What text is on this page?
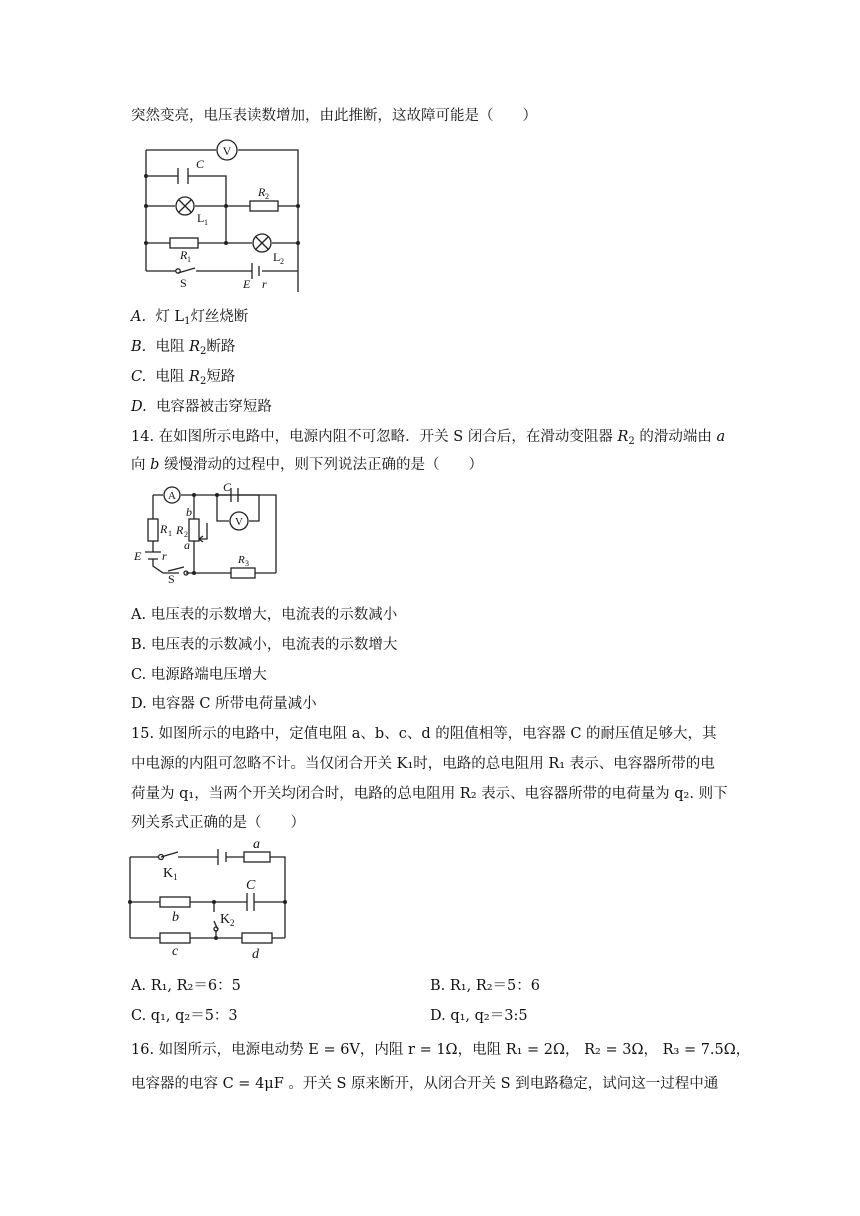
突然变亮，电压表读数增加，由此推断，这故障可能是（　　）
V
C
L 1
R 2
R 1	L 2
S	E r
A. 灯 $L_1$灯丝烧断
B. 电阻 $R_2$断路
C. 电阻 $R_2$短路
D. 电容器被击穿短路
14. 在如图所示电路中，电源内阻不可忽略．开关 S 闭合后，在滑动变阻器 $R_2$ 的滑动端由 a
向 b 缓慢滑动的过程中，则下列说法正确的是（　　）
A
C
V
R 1
E r
S
b
R 2
a
R 3
A. 电压表的示数增大，电流表的示数减小
B. 电压表的示数减小，电流表的示数增大
C. 电源路端电压增大
D. 电容器 C 所带电荷量减小
15. 如图所示的电路中，定值电阻 a、b、c、d 的阻值相等，电容器 C 的耐压值足够大，其
中电源的内阻可忽略不计。当仅闭合开关 K₁时，电路的总电阻用 R₁ 表示、电容器所带的电
荷量为 q₁，当两个开关均闭合时，电路的总电阻用 R₂ 表示、电容器所带的电荷量为 q₂. 则下
列关系式正确的是（　　）
K 1
a
b
C
K 2
c	d
A. R₁, R₂＝6：5	B. R₁, R₂＝5：6
C. q₁, q₂＝5：3	D. q₁, q₂＝3:5
16. 如图所示，电源电动势 E = 6V，内阻 r = 1Ω，电阻 R₁ = 2Ω， R₂ = 3Ω， R₃ = 7.5Ω，
电容器的电容 C = 4μF 。开关 S 原来断开，从闭合开关 S 到电路稳定，试问这一过程中通
